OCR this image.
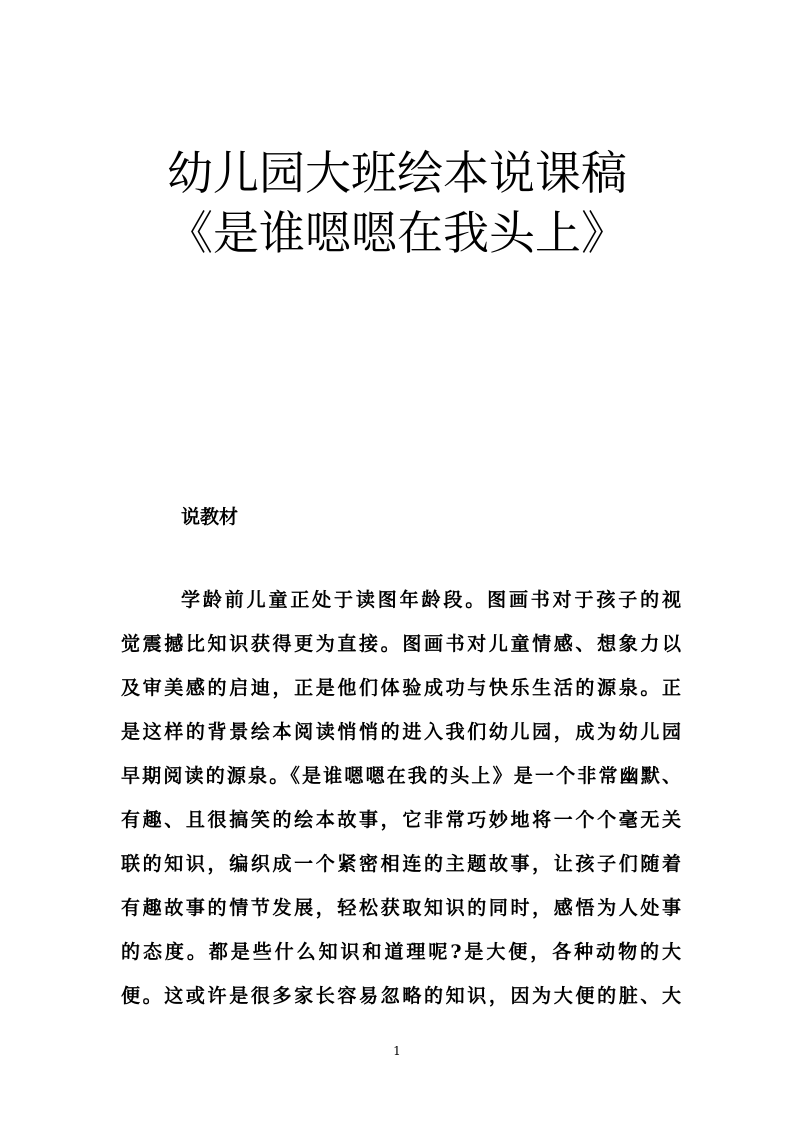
幼儿园大班绘本说课稿
《是谁嗯嗯在我头上》
说教材
学龄前儿童正处于读图年龄段。图画书对于孩子的视
觉震撼比知识获得更为直接。图画书对儿童情感、想象力以
及审美感的启迪，正是他们体验成功与快乐生活的源泉。正
是这样的背景绘本阅读悄悄的进入我们幼儿园，成为幼儿园
早期阅读的源泉。《是谁嗯嗯在我的头上》是一个非常幽默、
有趣、且很搞笑的绘本故事，它非常巧妙地将一个个毫无关
联的知识，编织成一个紧密相连的主题故事，让孩子们随着
有趣故事的情节发展，轻松获取知识的同时，感悟为人处事
的态度。都是些什么知识和道理呢?是大便，各种动物的大
便。这或许是很多家长容易忽略的知识，因为大便的脏、大

1
